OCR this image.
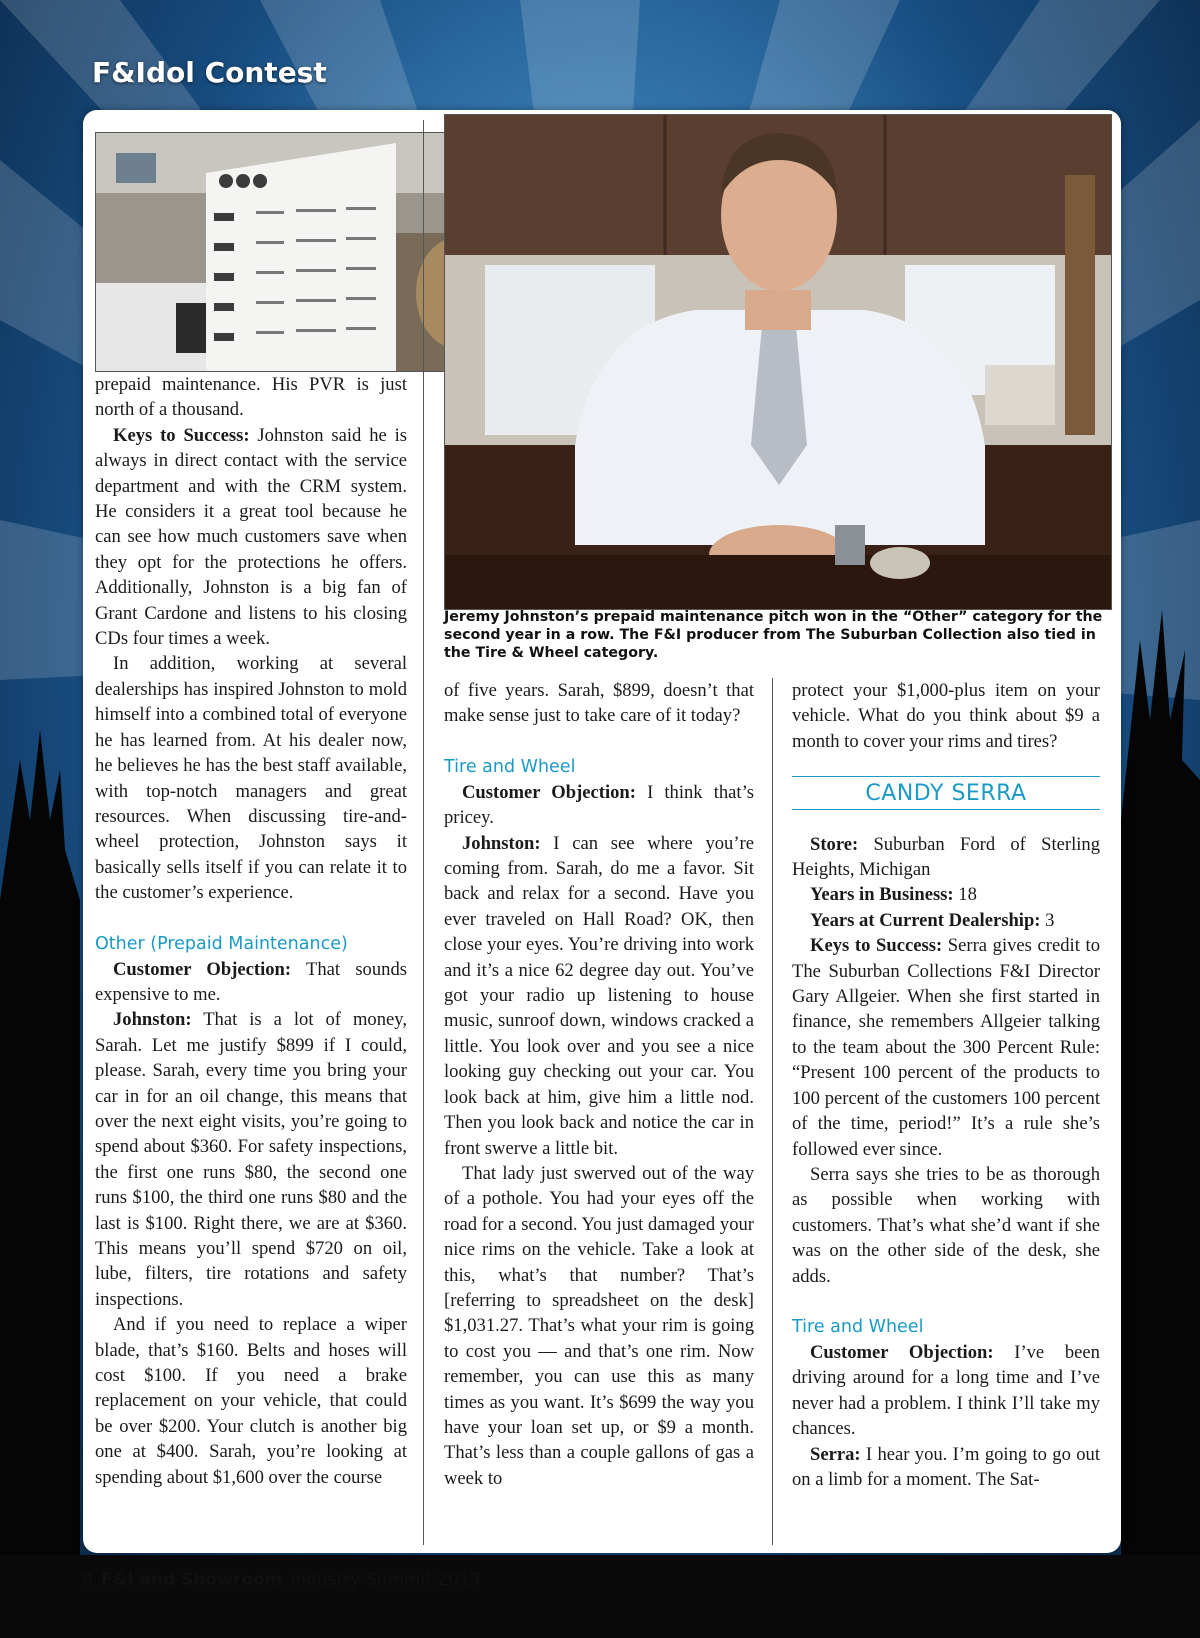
F&Idol Contest

Jeremy Johnston’s prepaid maintenance pitch won in the “Other” category for the second year in a row. The F&I producer from The Suburban Collection also tied in the Tire & Wheel category.

prepaid maintenance. His PVR is just north of a thousand.

Keys to Success: Johnston said he is always in direct contact with the service department and with the CRM system. He considers it a great tool because he can see how much customers save when they opt for the protections he offers. Additionally, Johnston is a big fan of Grant Cardone and listens to his closing CDs four times a week.

In addition, working at several dealerships has inspired Johnston to mold himself into a combined total of everyone he has learned from. At his dealer now, he believes he has the best staff available, with top-notch managers and great resources. When discussing tire-and-wheel protection, Johnston says it basically sells itself if you can relate it to the customer’s experience.

Other (Prepaid Maintenance)

Customer Objection: That sounds expensive to me.

Johnston: That is a lot of money, Sarah. Let me justify $899 if I could, please. Sarah, every time you bring your car in for an oil change, this means that over the next eight visits, you’re going to spend about $360. For safety inspections, the first one runs $80, the second one runs $100, the third one runs $80 and the last is $100. Right there, we are at $360. This means you’ll spend $720 on oil, lube, filters, tire rotations and safety inspections.

And if you need to replace a wiper blade, that’s $160. Belts and hoses will cost $100. If you need a brake replacement on your vehicle, that could be over $200. Your clutch is another big one at $400. Sarah, you’re looking at spending about $1,600 over the course

of five years. Sarah, $899, doesn’t that make sense just to take care of it today?

Tire and Wheel

Customer Objection: I think that’s pricey.

Johnston: I can see where you’re coming from. Sarah, do me a favor. Sit back and relax for a second. Have you ever traveled on Hall Road? OK, then close your eyes. You’re driving into work and it’s a nice 62 degree day out. You’ve got your radio up listening to house music, sunroof down, windows cracked a little. You look over and you see a nice looking guy checking out your car. You look back at him, give him a little nod. Then you look back and notice the car in front swerve a little bit.

That lady just swerved out of the way of a pothole. You had your eyes off the road for a second. You just damaged your nice rims on the vehicle. Take a look at this, what’s that number? That’s [referring to spreadsheet on the desk] $1,031.27. That’s what your rim is going to cost you — and that’s one rim. Now remember, you can use this as many times as you want. It’s $699 the way you have your loan set up, or $9 a month. That’s less than a couple gallons of gas a week to

protect your $1,000-plus item on your vehicle. What do you think about $9 a month to cover your rims and tires?

CANDY SERRA

Store: Suburban Ford of Sterling Heights, Michigan

Years in Business: 18

Years at Current Dealership: 3

Keys to Success: Serra gives credit to The Suburban Collections F&I Director Gary Allgeier. When she first started in finance, she remembers Allgeier talking to the team about the 300 Percent Rule: “Present 100 percent of the products to 100 percent of the customers 100 percent of the time, period!” It’s a rule she’s followed ever since.

Serra says she tries to be as thorough as possible when working with customers. That’s what she’d want if she was on the other side of the desk, she adds.

Tire and Wheel

Customer Objection: I’ve been driving around for a long time and I’ve never had a problem. I think I’ll take my chances.

Serra: I hear you. I’m going to go out on a limb for a moment. The Sat-

8 F&I and Showroom Industry Summit 2013
